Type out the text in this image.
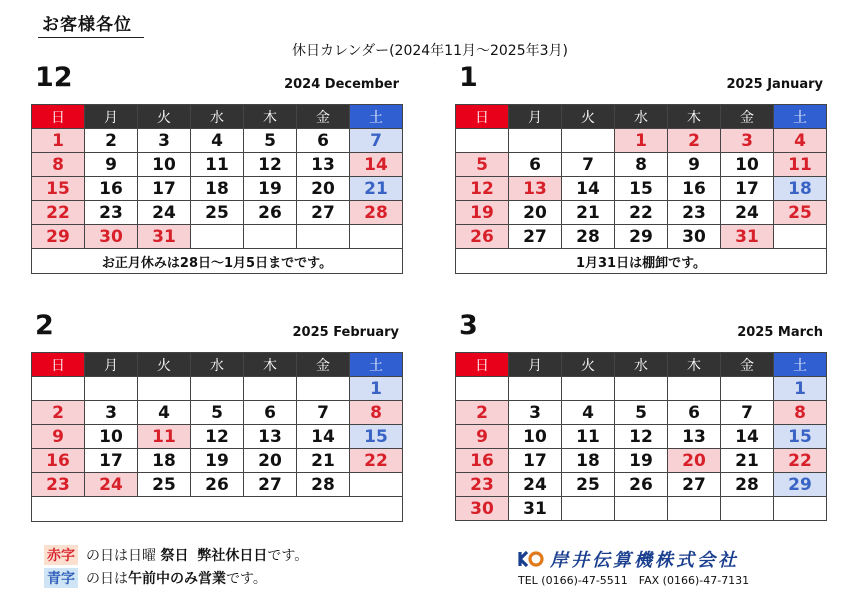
お客様各位
休日カレンダー(2024年11月～2025年3月)
12	2024 December
日	月	火	水	木	金	土
1	2	3	4	5	6	7
8	9	10	11	12	13	14
15	16	17	18	19	20	21
22	23	24	25	26	27	28
29	30	31				
お正月休みは28日～1月5日までです。						
1	2025 January
日	月	火	水	木	金	土
			1	2	3	4
5	6	7	8	9	10	11
12	13	14	15	16	17	18
19	20	21	22	23	24	25
26	27	28	29	30	31	
1月31日は棚卸です。						
2	2025 February
日	月	火	水	木	金	土
						1
2	3	4	5	6	7	8
9	10	11	12	13	14	15
16	17	18	19	20	21	22
23	24	25	26	27	28	

3	2025 March
日	月	火	水	木	金	土
						1
2	3	4	5	6	7	8
9	10	11	12	13	14	15
16	17	18	19	20	21	22
23	24	25	26	27	28	29
30	31					
赤字 の日は日曜 祭日 弊社休日日です。
青字 の日は午前中のみ営業です。
岸井伝算機株式会社
TEL (0166)-47-5511　FAX (0166)-47-7131
